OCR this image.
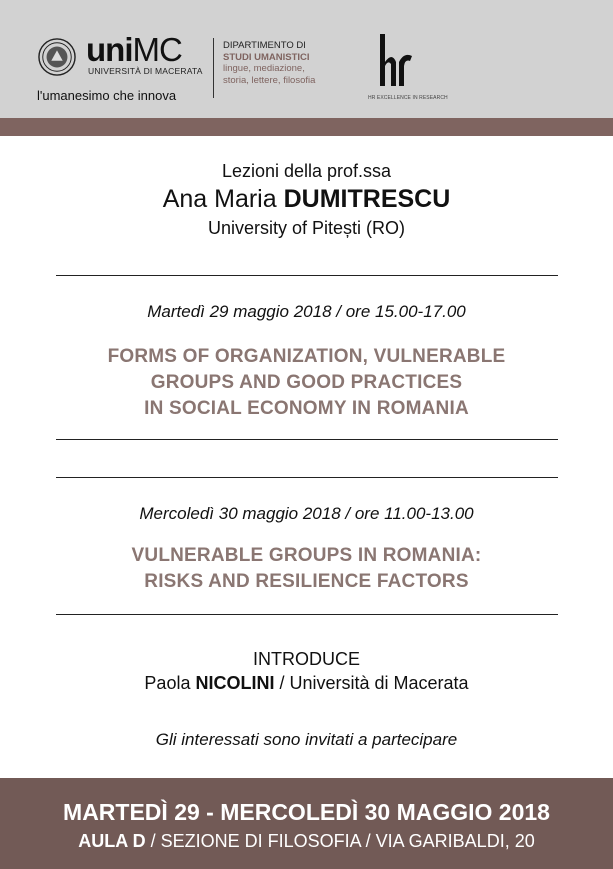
uniMC
UNIVERSITÀ DI MACERATA
l'umanesimo che innova
DIPARTIMENTO DI
STUDI UMANISTICI
lingue, mediazione,
storia, lettere, filosofia
HR EXCELLENCE IN RESEARCH
Lezioni della prof.ssa
Ana Maria DUMITRESCU
University of Pitești (RO)
Martedì 29 maggio 2018 / ore 15.00-17.00
FORMS OF ORGANIZATION, VULNERABLE
GROUPS AND GOOD PRACTICES
IN SOCIAL ECONOMY IN ROMANIA
Mercoledì 30 maggio 2018 / ore 11.00-13.00
VULNERABLE GROUPS IN ROMANIA:
RISKS AND RESILIENCE FACTORS
INTRODUCE
Paola NICOLINI / Università di Macerata
Gli interessati sono invitati a partecipare
MARTEDÌ 29 - MERCOLEDÌ 30 MAGGIO 2018
AULA D / SEZIONE DI FILOSOFIA / VIA GARIBALDI, 20
